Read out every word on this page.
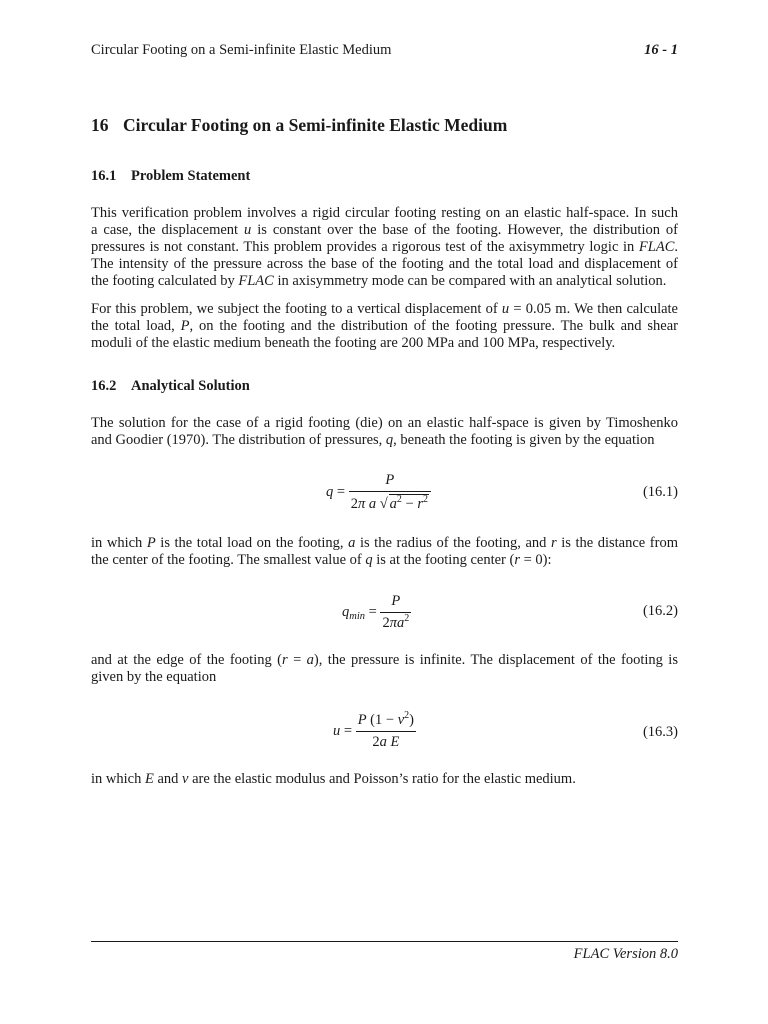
Circular Footing on a Semi-infinite Elastic Medium	16 - 1
16 Circular Footing on a Semi-infinite Elastic Medium
16.1 Problem Statement
This verification problem involves a rigid circular footing resting on an elastic half-space. In such
a case, the displacement u is constant over the base of the footing. However, the distribution of
pressures is not constant. This problem provides a rigorous test of the axisymmetry logic in FLAC.
The intensity of the pressure across the base of the footing and the total load and displacement of
the footing calculated by FLAC in axisymmetry mode can be compared with an analytical solution.
For this problem, we subject the footing to a vertical displacement of u = 0.05 m. We then calculate
the total load, P, on the footing and the distribution of the footing pressure. The bulk and shear
moduli of the elastic medium beneath the footing are 200 MPa and 100 MPa, respectively.
16.2 Analytical Solution
The solution for the case of a rigid footing (die) on an elastic half-space is given by Timoshenko
and Goodier (1970). The distribution of pressures, q, beneath the footing is given by the equation
$q = \frac{P}{2\pi a √ a^2 - r^2}$	(16.1)
in which P is the total load on the footing, a is the radius of the footing, and r is the distance from
the center of the footing. The smallest value of q is at the footing center (r = 0):
$q_{min} = \frac{P}{2\pi a^2}$	(16.2)
and at the edge of the footing (r = a), the pressure is infinite. The displacement of the footing is
given by the equation
$u = \frac{P (1 - \nu^2)}{\text{2a E}}$	(16.3)
in which E and ν are the elastic modulus and Poisson’s ratio for the elastic medium.
FLAC Version 8.0
